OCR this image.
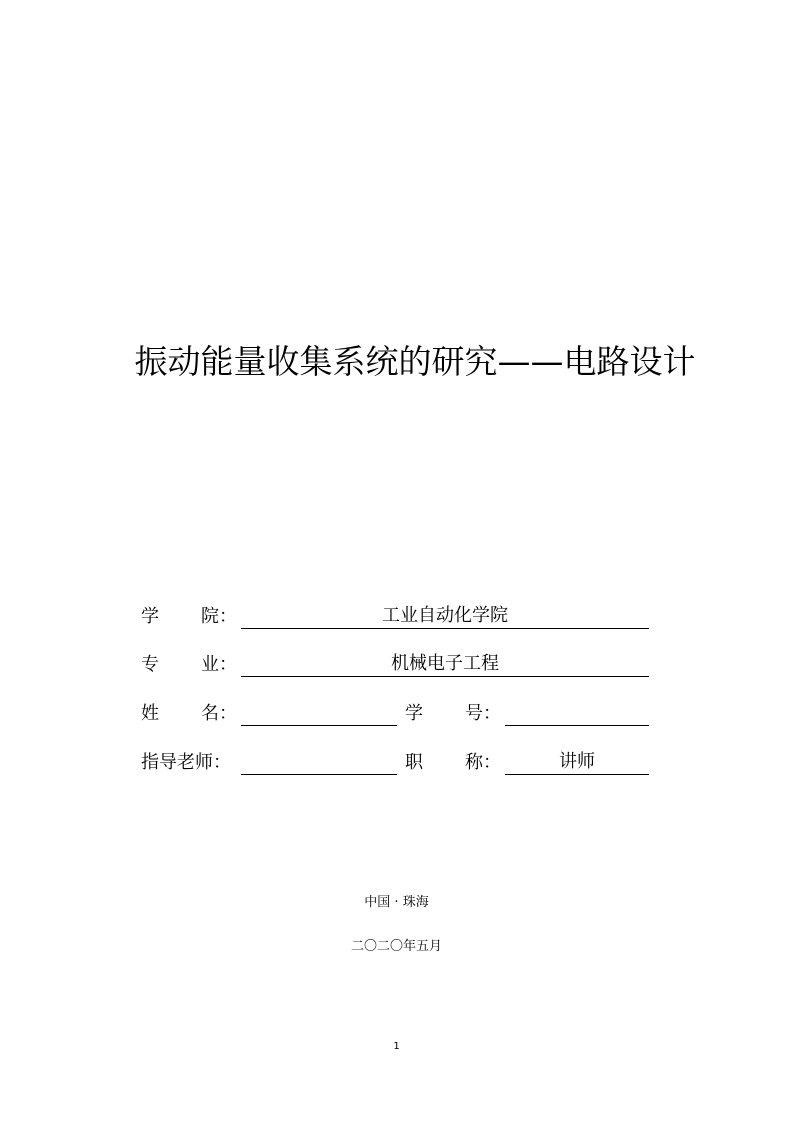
振动能量收集系统的研究——电路设计
学 院：	工业自动化学院
专 业：	机械电子工程
姓 名：	学 号：
指导老师：	职 称：	讲师
中国 · 珠海
二〇二〇年五月
1
